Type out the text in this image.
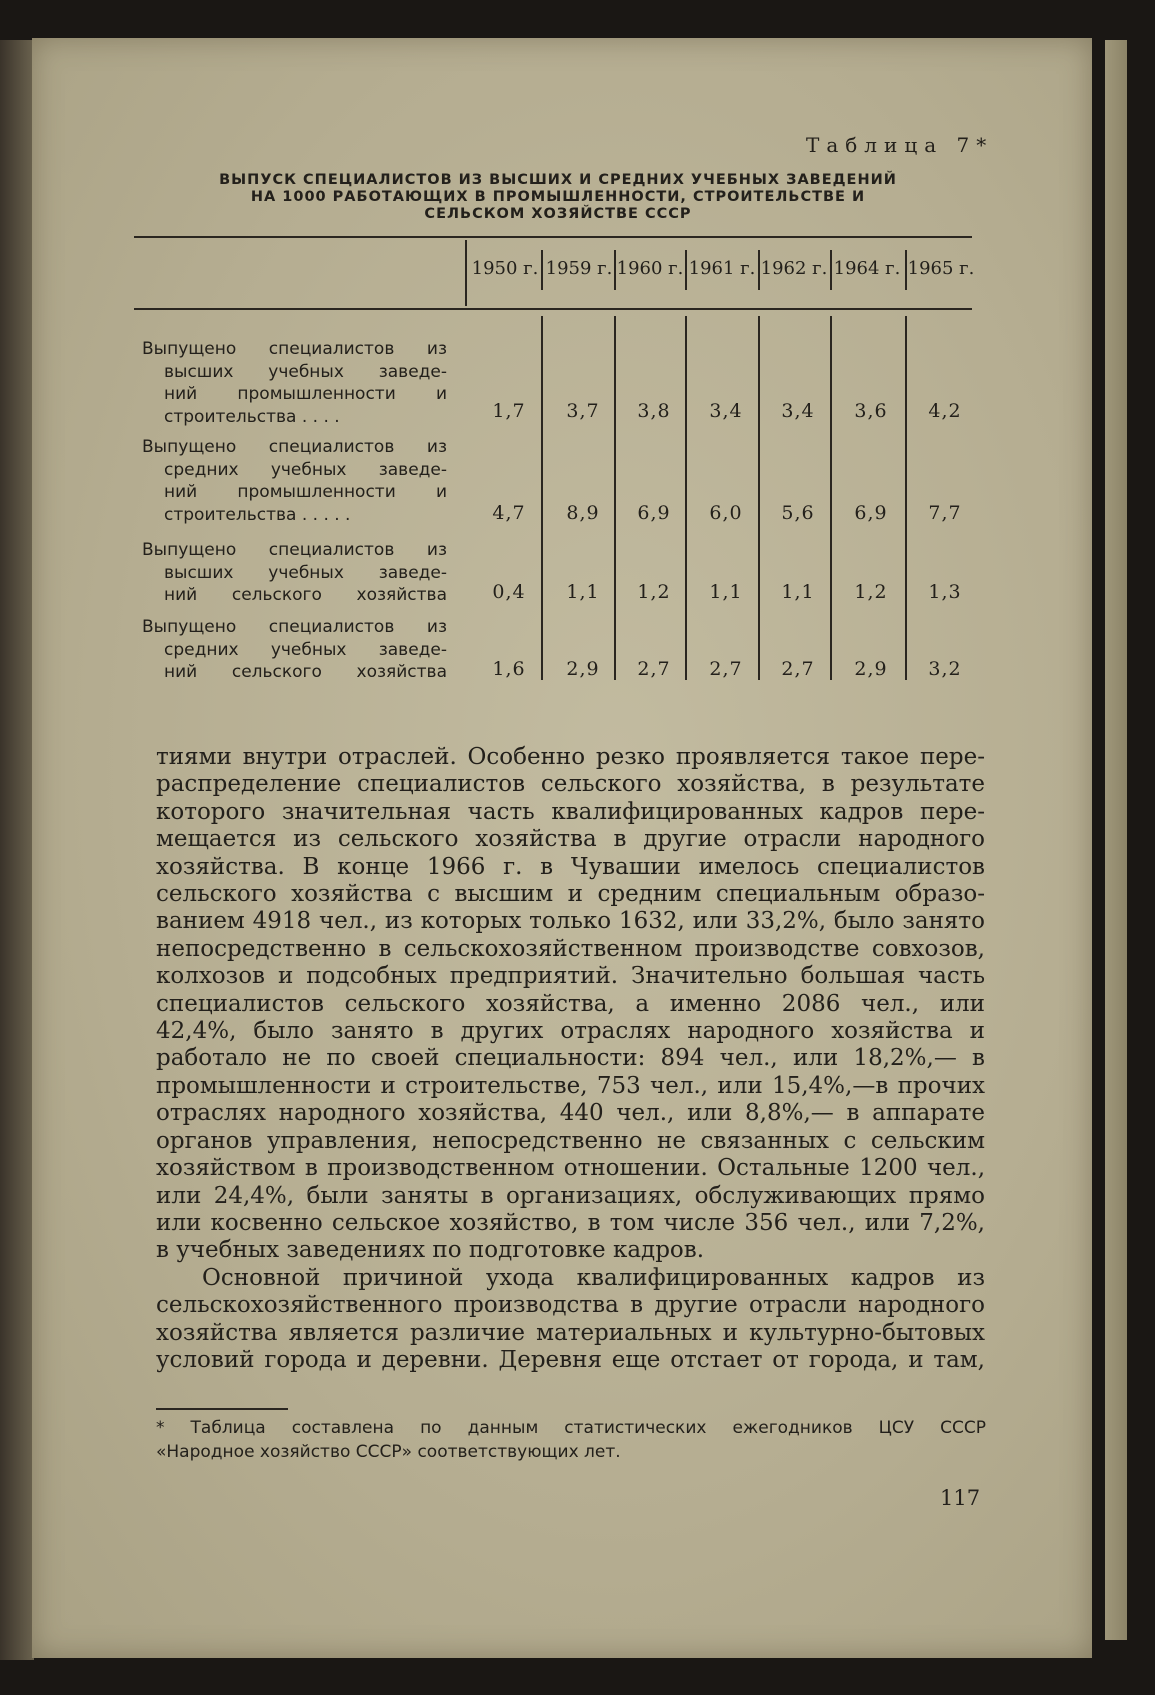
Таблица 7*
ВЫПУСК СПЕЦИАЛИСТОВ ИЗ ВЫСШИХ И СРЕДНИХ УЧЕБНЫХ ЗАВЕДЕНИЙ
НА 1000 РАБОТАЮЩИХ В ПРОМЫШЛЕННОСТИ, СТРОИТЕЛЬСТВЕ И
СЕЛЬСКОМ ХОЗЯЙСТВЕ СССР
1950 г. 1959 г. 1960 г. 1961 г. 1962 г. 1964 г. 1965 г.
Выпущено специалистов из
высших учебных заведе-
ний промышленности и
строительства . . . .	1,7	3,7	3,8	3,4	3,4	3,6	4,2
Выпущено специалистов из
средних учебных заведе-
ний промышленности и
строительства . . . . .	4,7	8,9	6,9	6,0	5,6	6,9	7,7
Выпущено специалистов из
высших учебных заведе-
ний сельского хозяйства	0,4	1,1	1,2	1,1	1,1	1,2	1,3
Выпущено специалистов из
средних учебных заведе-
ний сельского хозяйства	1,6	2,9	2,7	2,7	2,7	2,9	3,2
тиями внутри отраслей. Особенно резко проявляется такое пере-
распределение специалистов сельского хозяйства, в результате
которого значительная часть квалифицированных кадров пере-
мещается из сельского хозяйства в другие отрасли народного
хозяйства. В конце 1966 г. в Чувашии имелось специалистов
сельского хозяйства с высшим и средним специальным образо-
ванием 4918 чел., из которых только 1632, или 33,2%, было занято
непосредственно в сельскохозяйственном производстве совхозов,
колхозов и подсобных предприятий. Значительно большая часть
специалистов сельского хозяйства, а именно 2086 чел., или
42,4%, было занято в других отраслях народного хозяйства и
работало не по своей специальности: 894 чел., или 18,2%,— в
промышленности и строительстве, 753 чел., или 15,4%,—в прочих
отраслях народного хозяйства, 440 чел., или 8,8%,— в аппарате
органов управления, непосредственно не связанных с сельским
хозяйством в производственном отношении. Остальные 1200 чел.,
или 24,4%, были заняты в организациях, обслуживающих прямо
или косвенно сельское хозяйство, в том числе 356 чел., или 7,2%,
в учебных заведениях по подготовке кадров.
Основной причиной ухода квалифицированных кадров из
сельскохозяйственного производства в другие отрасли народного
хозяйства является различие материальных и культурно-бытовых
условий города и деревни. Деревня еще отстает от города, и там,
* Таблица составлена по данным статистических ежегодников ЦСУ СССР
«Народное хозяйство СССР» соответствующих лет.
117
